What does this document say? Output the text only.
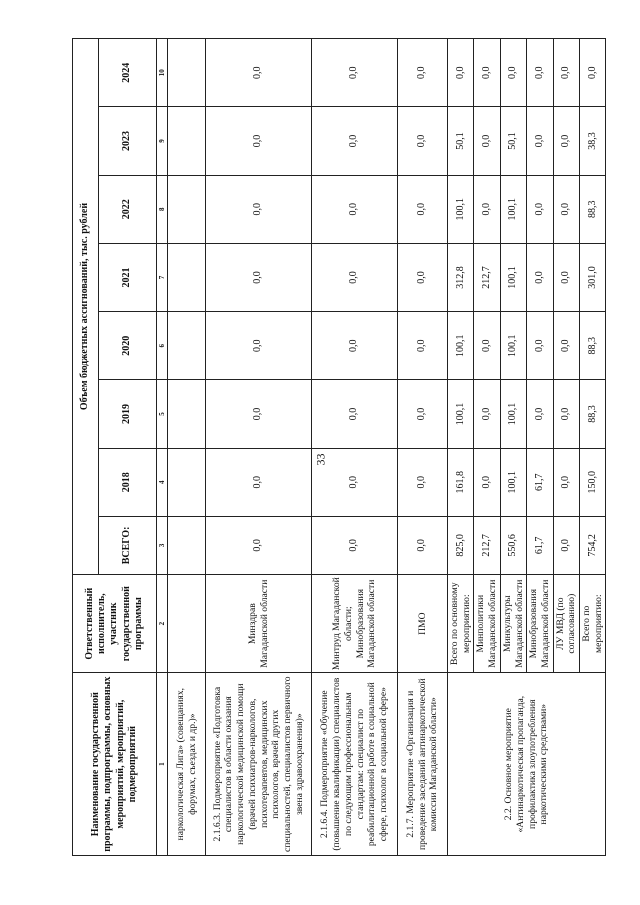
33
Наименование государственной программы, подпрограммы, основных мероприятий, мероприятий, подмероприятий	Ответственный исполнитель, участник государственной программы	Объем бюджетных ассигнований, тыс. рублей							
		ВСЕГО:	2018	2019	2020	2021	2022	2023	2024
1	2	3	4	5	6	7	8	9	10
наркологическая Лига» (совещаниях, форумах, съездах и др.)»									
2.1.6.3. Подмероприятие «Подготовка специалистов в области оказания наркологической медицинской помощи (врачей психиатров-наркологов, психотерапевтов, медицинских психологов, врачей других специальностей, специалистов первичного звена здравоохранения)»	Минздрав Магаданской области	0,0	0,0	0,0	0,0	0,0	0,0	0,0	0,0
2.1.6.4. Подмероприятие «Обучение (повышение квалификации) специалистов по следующим профессиональным стандартам: специалист по реабилитационной работе в социальной сфере, психолог в социальной сфере»	Минтруд Магаданской области; Минобразования Магаданской области	0,0	0,0	0,0	0,0	0,0	0,0	0,0	0,0
2.1.7. Мероприятие «Организация и проведение заседаний антинаркотической комиссии Магаданской области»	ПМО	0,0	0,0	0,0	0,0	0,0	0,0	0,0	0,0
2.2. Основное мероприятие «Антинаркотическая пропаганда, профилактика злоупотребления наркотическими средствами»	Всего по основному мероприятию:	825,0	161,8	100,1	100,1	312,8	100,1	50,1	0,0
	Минполитики Магаданской области	212,7	0,0	0,0	0,0	212,7	0,0	0,0	0,0
	Минкультуры Магаданской области	550,6	100,1	100,1	100,1	100,1	100,1	50,1	0,0
	Минобразования Магаданской области	61,7	61,7	0,0	0,0	0,0	0,0	0,0	0,0
	ЛУ МВД (по согласованию)	0,0	0,0	0,0	0,0	0,0	0,0	0,0	0,0
	Всего по мероприятию:	754,2	150,0	88,3	88,3	301,0	88,3	38,3	0,0
